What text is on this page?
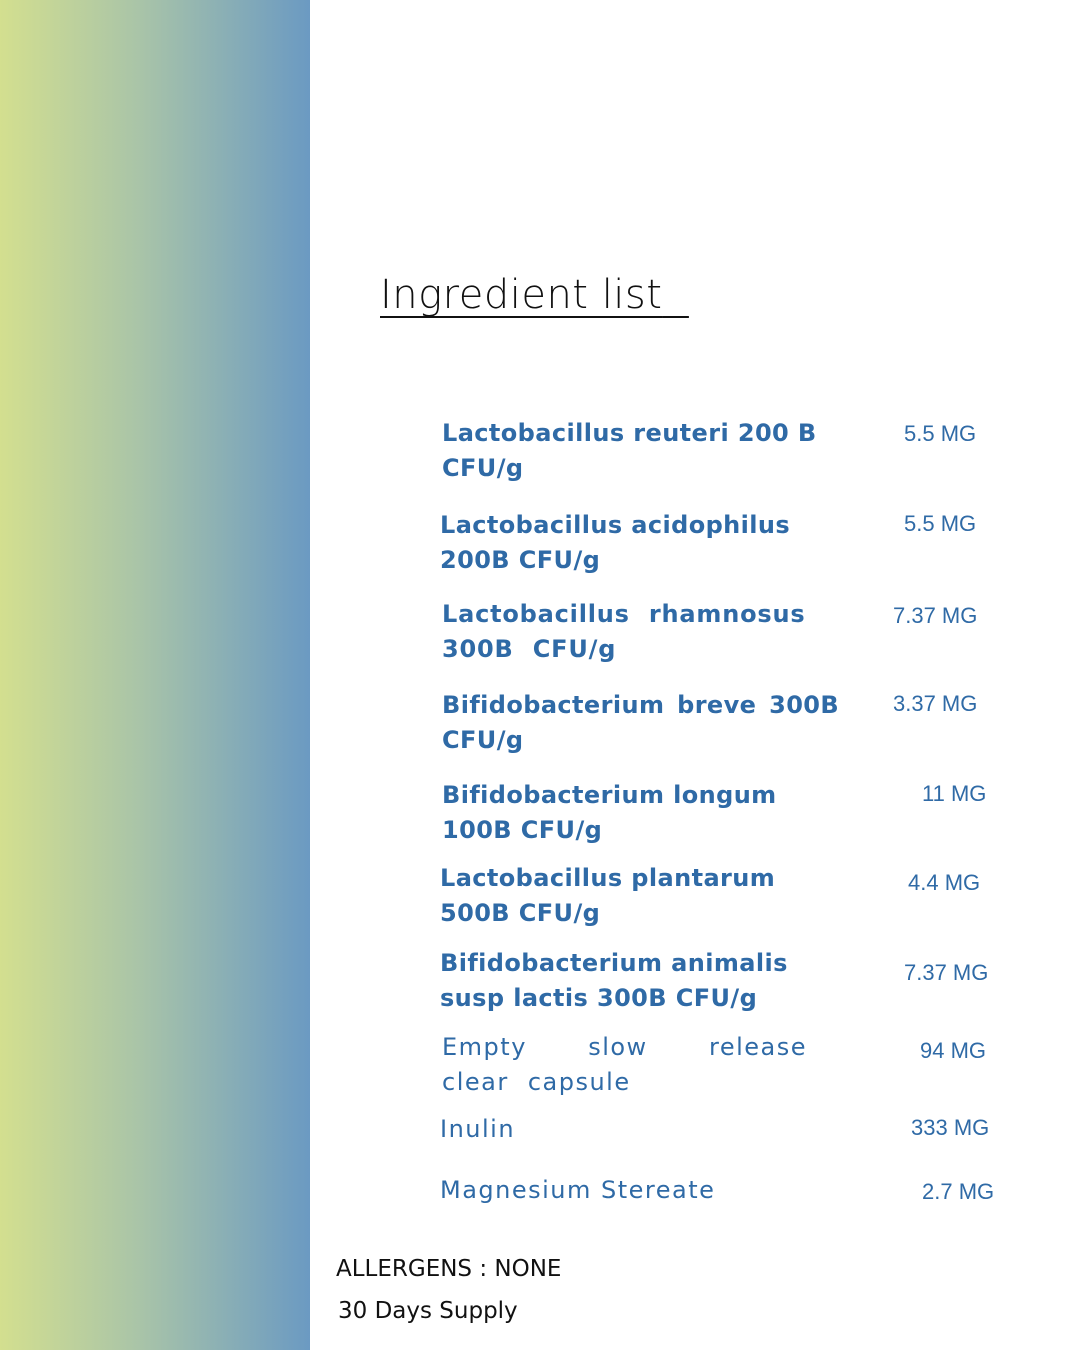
Ingredient list
Lactobacillus reuteri 200 B CFU/g
5.5 MG
Lactobacillus acidophilus 200B CFU/g
5.5 MG
Lactobacillus rhamnosus 300B CFU/g
7.37 MG
Bifidobacterium breve 300B CFU/g
3.37 MG
Bifidobacterium longum 100B CFU/g
11 MG
Lactobacillus plantarum 500B CFU/g
4.4 MG
Bifidobacterium animalis susp lactis 300B CFU/g
7.37 MG
Empty slow release clear capsule
94 MG
Inulin	333 MG
Magnesium Stereate	2.7 MG
ALLERGENS : NONE
30 Days Supply
